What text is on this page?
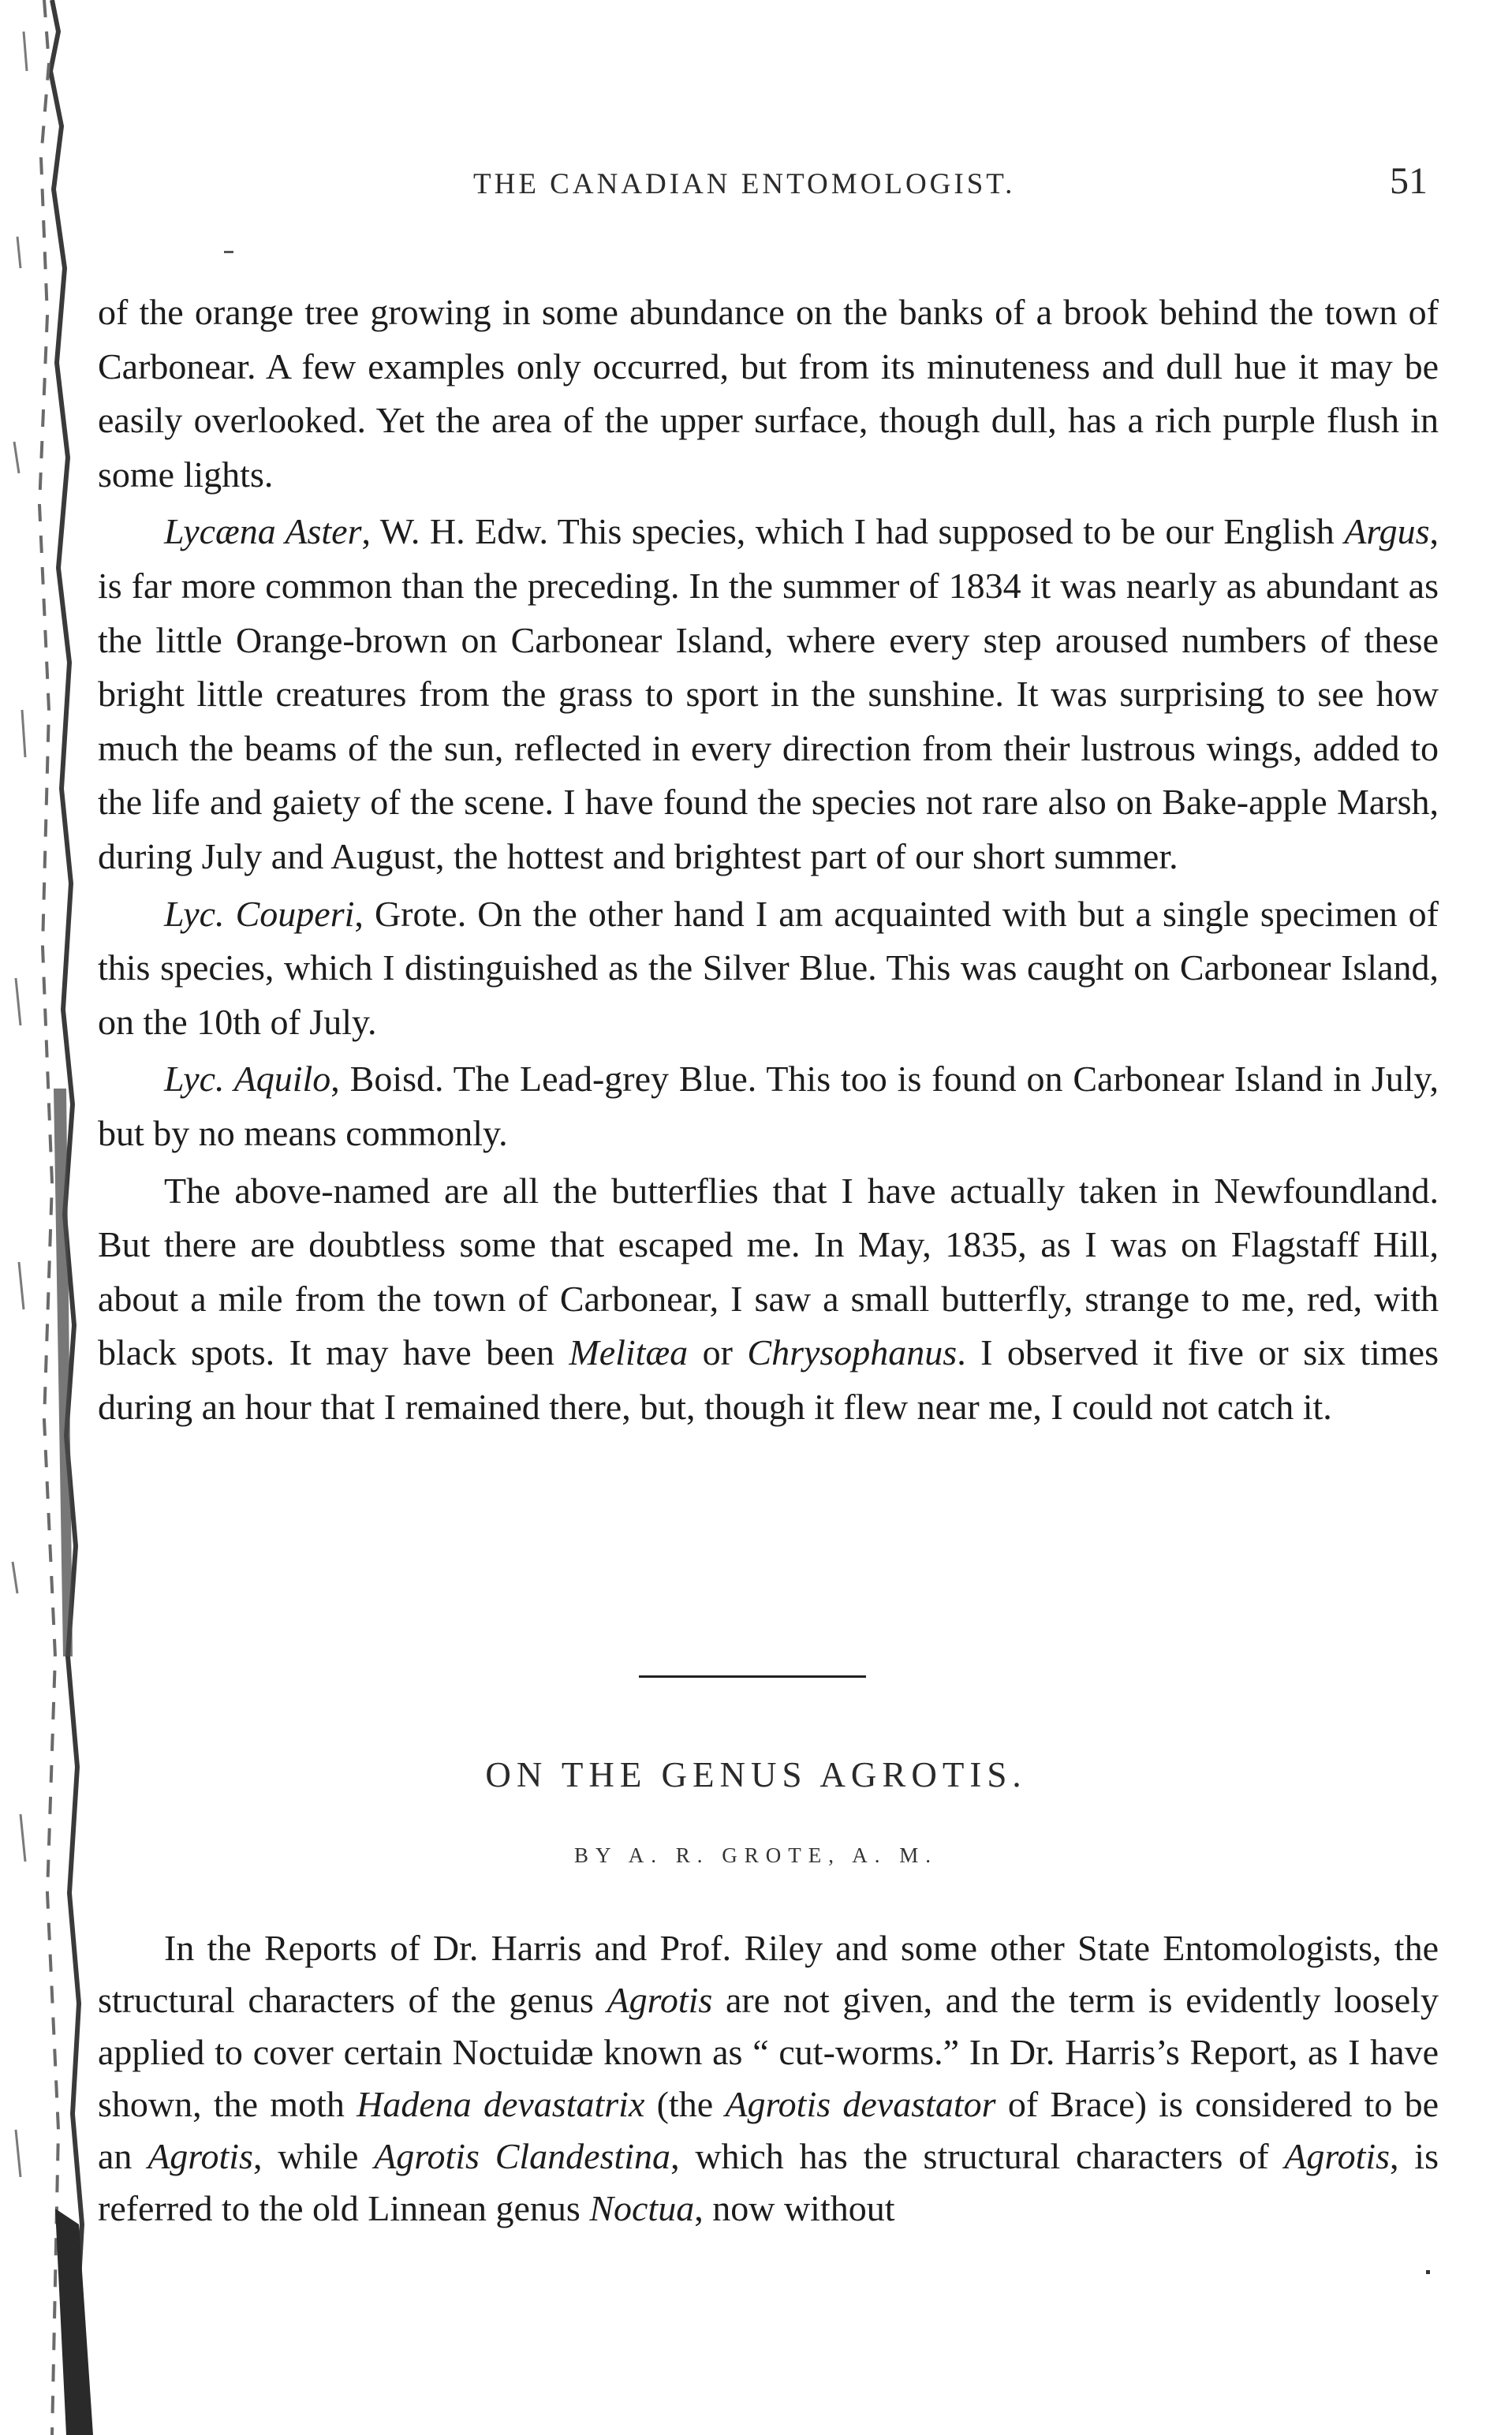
THE CANADIAN ENTOMOLOGIST.	51

of the orange tree growing in some abundance on the banks of a brook behind the town of Carbonear. A few examples only occurred, but from its minuteness and dull hue it may be easily overlooked. Yet the area of the upper surface, though dull, has a rich purple flush in some lights.

Lycæna Aster, W. H. Edw. This species, which I had supposed to be our English Argus, is far more common than the preceding. In the summer of 1834 it was nearly as abundant as the little Orange-brown on Carbonear Island, where every step aroused numbers of these bright little creatures from the grass to sport in the sunshine. It was surprising to see how much the beams of the sun, reflected in every direction from their lustrous wings, added to the life and gaiety of the scene. I have found the species not rare also on Bake-apple Marsh, during July and August, the hottest and brightest part of our short summer.

Lyc. Couperi, Grote. On the other hand I am acquainted with but a single specimen of this species, which I distinguished as the Silver Blue. This was caught on Carbonear Island, on the 10th of July.

Lyc. Aquilo, Boisd. The Lead-grey Blue. This too is found on Carbonear Island in July, but by no means commonly.

The above-named are all the butterflies that I have actually taken in Newfoundland. But there are doubtless some that escaped me. In May, 1835, as I was on Flagstaff Hill, about a mile from the town of Carbonear, I saw a small butterfly, strange to me, red, with black spots. It may have been Melitæa or Chrysophanus. I observed it five or six times during an hour that I remained there, but, though it flew near me, I could not catch it.

ON THE GENUS AGROTIS.
BY A. R. GROTE, A. M.

In the Reports of Dr. Harris and Prof. Riley and some other State Entomologists, the structural characters of the genus Agrotis are not given, and the term is evidently loosely applied to cover certain Noctuidæ known as “ cut-worms.” In Dr. Harris’s Report, as I have shown, the moth Hadena devastatrix (the Agrotis devastator of Brace) is considered to be an Agrotis, while Agrotis Clandestina, which has the structural characters of Agrotis, is referred to the old Linnean genus Noctua, now without
